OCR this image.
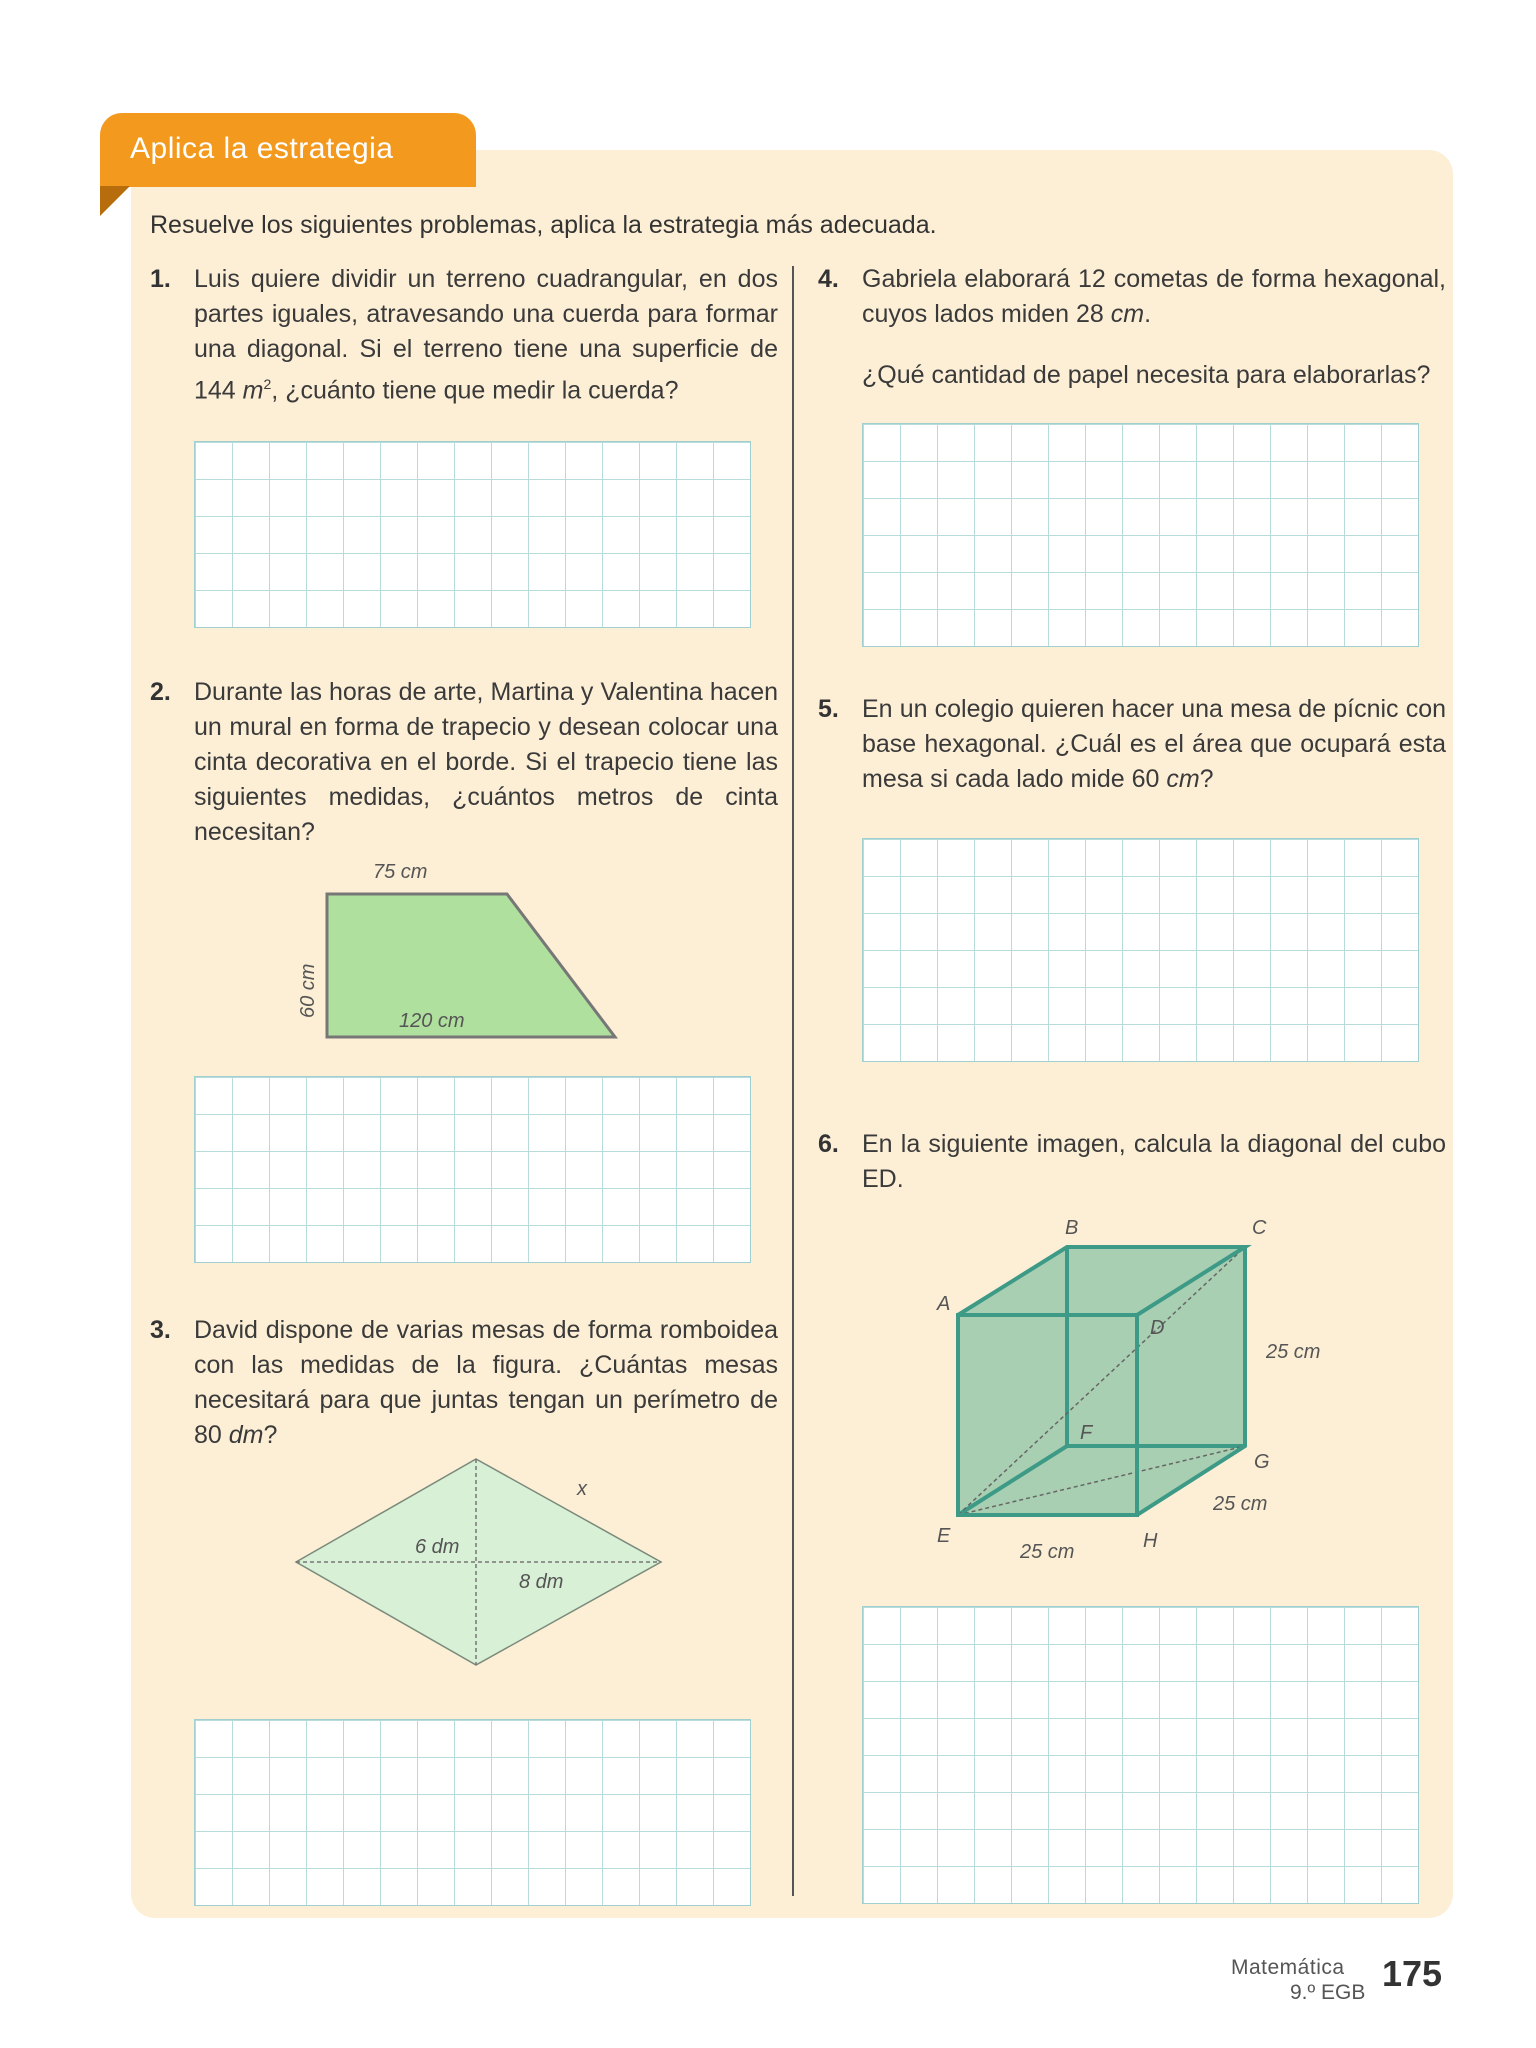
Aplica la estrategia
Resuelve los siguientes problemas, aplica la estrategia más adecuada.
1. Luis quiere dividir un terreno cuadrangular, en dos partes iguales, atravesando una cuerda para formar una diagonal. Si el terreno tiene una superficie de 144 $m^2$, ¿cuánto tiene que medir la cuerda?

2. Durante las horas de arte, Martina y Valentina hacen un mural en forma de trapecio y desean colocar una cinta decorativa en el borde. Si el trapecio tiene las siguientes medidas, ¿cuántos metros de cinta necesitan?

75 cm
120 cm
60 cm
3. David dispone de varias mesas de forma romboidea con las medidas de la figura. ¿Cuántas mesas necesitará para que juntas tengan un perímetro de 80 dm?

x
6 dm
8 dm
4. Gabriela elaborará 12 cometas de forma hexagonal, cuyos lados miden 28 cm.

¿Qué cantidad de papel necesita para elaborarlas?

5. En un colegio quieren hacer una mesa de pícnic con base hexagonal. ¿Cuál es el área que ocupará esta mesa si cada lado mide 60 cm?

6. En la siguiente imagen, calcula la diagonal del cubo ED.

B	C
A
D
F
G
E	H
25 cm
25 cm
25 cm
Matemática
9.º EGB 175
